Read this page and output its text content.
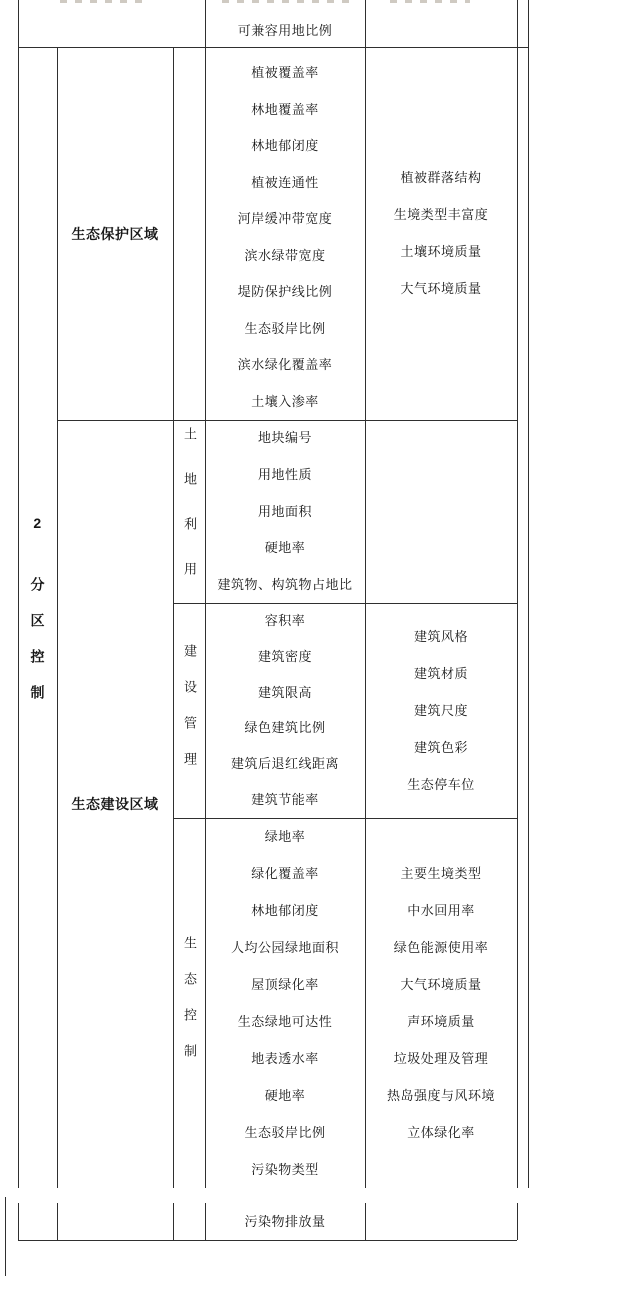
可兼容用地比例
2
分区控制
生态保护区域
生态建设区域
土地利用
建设管理
生态控制
植被覆盖率
林地覆盖率
林地郁闭度
植被连通性
河岸缓冲带宽度
滨水绿带宽度
堤防保护线比例
生态驳岸比例
滨水绿化覆盖率
土壤入渗率
地块编号
用地性质
用地面积
硬地率
建筑物、构筑物占地比
容积率
建筑密度
建筑限高
绿色建筑比例
建筑后退红线距离
建筑节能率
绿地率
绿化覆盖率
林地郁闭度
人均公园绿地面积
屋顶绿化率
生态绿地可达性
地表透水率
硬地率
生态驳岸比例
污染物类型
植被群落结构
生境类型丰富度
土壤环境质量
大气环境质量
建筑风格
建筑材质
建筑尺度
建筑色彩
生态停车位
主要生境类型
中水回用率
绿色能源使用率
大气环境质量
声环境质量
垃圾处理及管理
热岛强度与风环境
立体绿化率
污染物排放量
